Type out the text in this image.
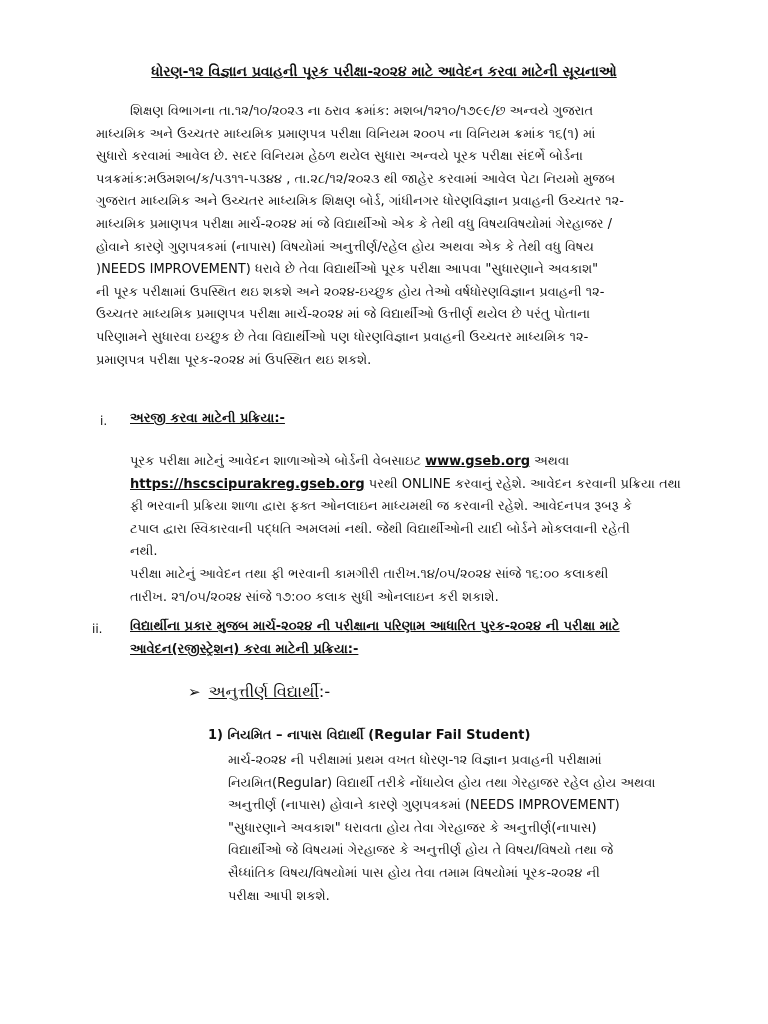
ધોરણ-૧૨ વિજ્ઞાન પ્રવાહની પૂરક પરીક્ષા-૨૦૨૪ માટે આવેદન કરવા માટેની સૂચનાઓ
શિક્ષણ વિભાગના તા.૧૨/૧૦/૨૦૨૩ ના ઠરાવ ક્રમાંક: મશબ/૧૨૧૦/૧૭૯૯/છ અન્વયે ગુજરાત
માધ્યમિક અને ઉચ્ચતર માધ્યમિક પ્રમાણપત્ર પરીક્ષા વિનિયમ ૨૦૦૫ ના વિનિયમ ક્રમાંક ૧૬(૧) માં
સુધારો કરવામાં આવેલ છે. સદર વિનિયમ હેઠળ થયેલ સુધારા અન્વયે પૂરક પરીક્ષા સંદર્ભે બોર્ડના
પત્રક્રમાંક:મઉમશબ/ક/૫૩૧૧-૫૩૪૪ , તા.૨૮/૧૨/૨૦૨૩ થી જાહેર કરવામાં આવેલ પેટા નિયમો મુજબ
ગુજરાત માધ્યમિક અને ઉચ્ચતર માધ્યમિક શિક્ષણ બોર્ડ, ગાંધીનગર ધોરણવિજ્ઞાન પ્રવાહની ઉચ્ચતર ૧૨-
માધ્યમિક પ્રમાણપત્ર પરીક્ષા માર્ચ-૨૦૨૪ માં જે વિદ્યાર્થીઓ એક કે તેથી વધુ વિષયવિષયોમાં ગેરહાજર /
હોવાને કારણે ગુણપત્રકમાં (નાપાસ) વિષયોમાં અનુત્તીર્ણ/રહેલ હોય અથવા એક કે તેથી વધુ વિષય
)NEEDS IMPROVEMENT) ધરાવે છે તેવા વિદ્યાર્થીઓ પૂરક પરીક્ષા આપવા "સુધારણાને અવકાશ"
ની પૂરક પરીક્ષામાં ઉપસ્થિત થઇ શકશે અને ૨૦૨૪-ઇચ્છુક હોય તેઓ વર્ષધોરણવિજ્ઞાન પ્રવાહની ૧૨-
ઉચ્ચતર માધ્યમિક પ્રમાણપત્ર પરીક્ષા માર્ચ-૨૦૨૪ માં જે વિદ્યાર્થીઓ ઉત્તીર્ણ થયેલ છે પરંતુ પોતાના
પરિણામને સુધારવા ઇચ્છુક છે તેવા વિદ્યાર્થીઓ પણ ધોરણવિજ્ઞાન પ્રવાહની ઉચ્ચતર માધ્યમિક ૧૨-
પ્રમાણપત્ર પરીક્ષા પૂરક-૨૦૨૪ માં ઉપસ્થિત થઇ શકશે.
i. અરજી કરવા માટેની પ્રક્રિયા:-
પૂરક પરીક્ષા માટેનું આવેદન શાળાઓએ બોર્ડની વેબસાઇટ www.gseb.org અથવા
https://hscscipurakreg.gseb.org પરથી ONLINE કરવાનું રહેશે. આવેદન કરવાની પ્રક્રિયા તથા
ફી ભરવાની પ્રક્રિયા શાળા દ્વારા ફક્ત ઓનલાઇન માધ્યમથી જ કરવાની રહેશે. આવેદનપત્ર રૂબરૂ કે
ટપાલ દ્વારા સ્વિકારવાની પદ્ધતિ અમલમાં નથી. જેથી વિદ્યાર્થીઓની યાદી બોર્ડને મોકલવાની રહેતી
નથી.
પરીક્ષા માટેનું આવેદન તથા ફી ભરવાની કામગીરી તારીખ.૧૪/૦૫/૨૦૨૪ સાંજે ૧૬:૦૦ કલાકથી
તારીખ. ૨૧/૦૫/૨૦૨૪ સાંજે ૧૭:૦૦ કલાક સુધી ઓનલાઇન કરી શકાશે.
ii. વિદ્યાર્થીના પ્રકાર મુજબ માર્ચ-૨૦૨૪ ની પરીક્ષાના પરિણામ આધારિત પુરક-૨૦૨૪ ની પરીક્ષા માટે
આવેદન(રજીસ્ટ્રેશન) કરવા માટેની પ્રક્રિયા:-
➢ અનુત્તીર્ણ વિદ્યાર્થી:-
1) નિયમિત – નાપાસ વિદ્યાર્થી (Regular Fail Student)
માર્ચ-૨૦૨૪ ની પરીક્ષામાં પ્રથમ વખત ધોરણ-૧૨ વિજ્ઞાન પ્રવાહની પરીક્ષામાં
નિયમિત(Regular) વિદ્યાર્થી તરીકે નોંધાયેલ હોય તથા ગેરહાજર રહેલ હોય અથવા
અનુત્તીર્ણ (નાપાસ) હોવાને કારણે ગુણપત્રકમાં (NEEDS IMPROVEMENT)
"સુધારણાને અવકાશ" ધરાવતા હોય તેવા ગેરહાજર કે અનુત્તીર્ણ(નાપાસ)
વિદ્યાર્થીઓ જે વિષયમાં ગેરહાજર કે અનુત્તીર્ણ હોય તે વિષય/વિષયો તથા જે
સૈધ્ધાંતિક વિષય/વિષયોમાં પાસ હોય તેવા તમામ વિષયોમાં પૂરક-૨૦૨૪ ની
પરીક્ષા આપી શકશે.
